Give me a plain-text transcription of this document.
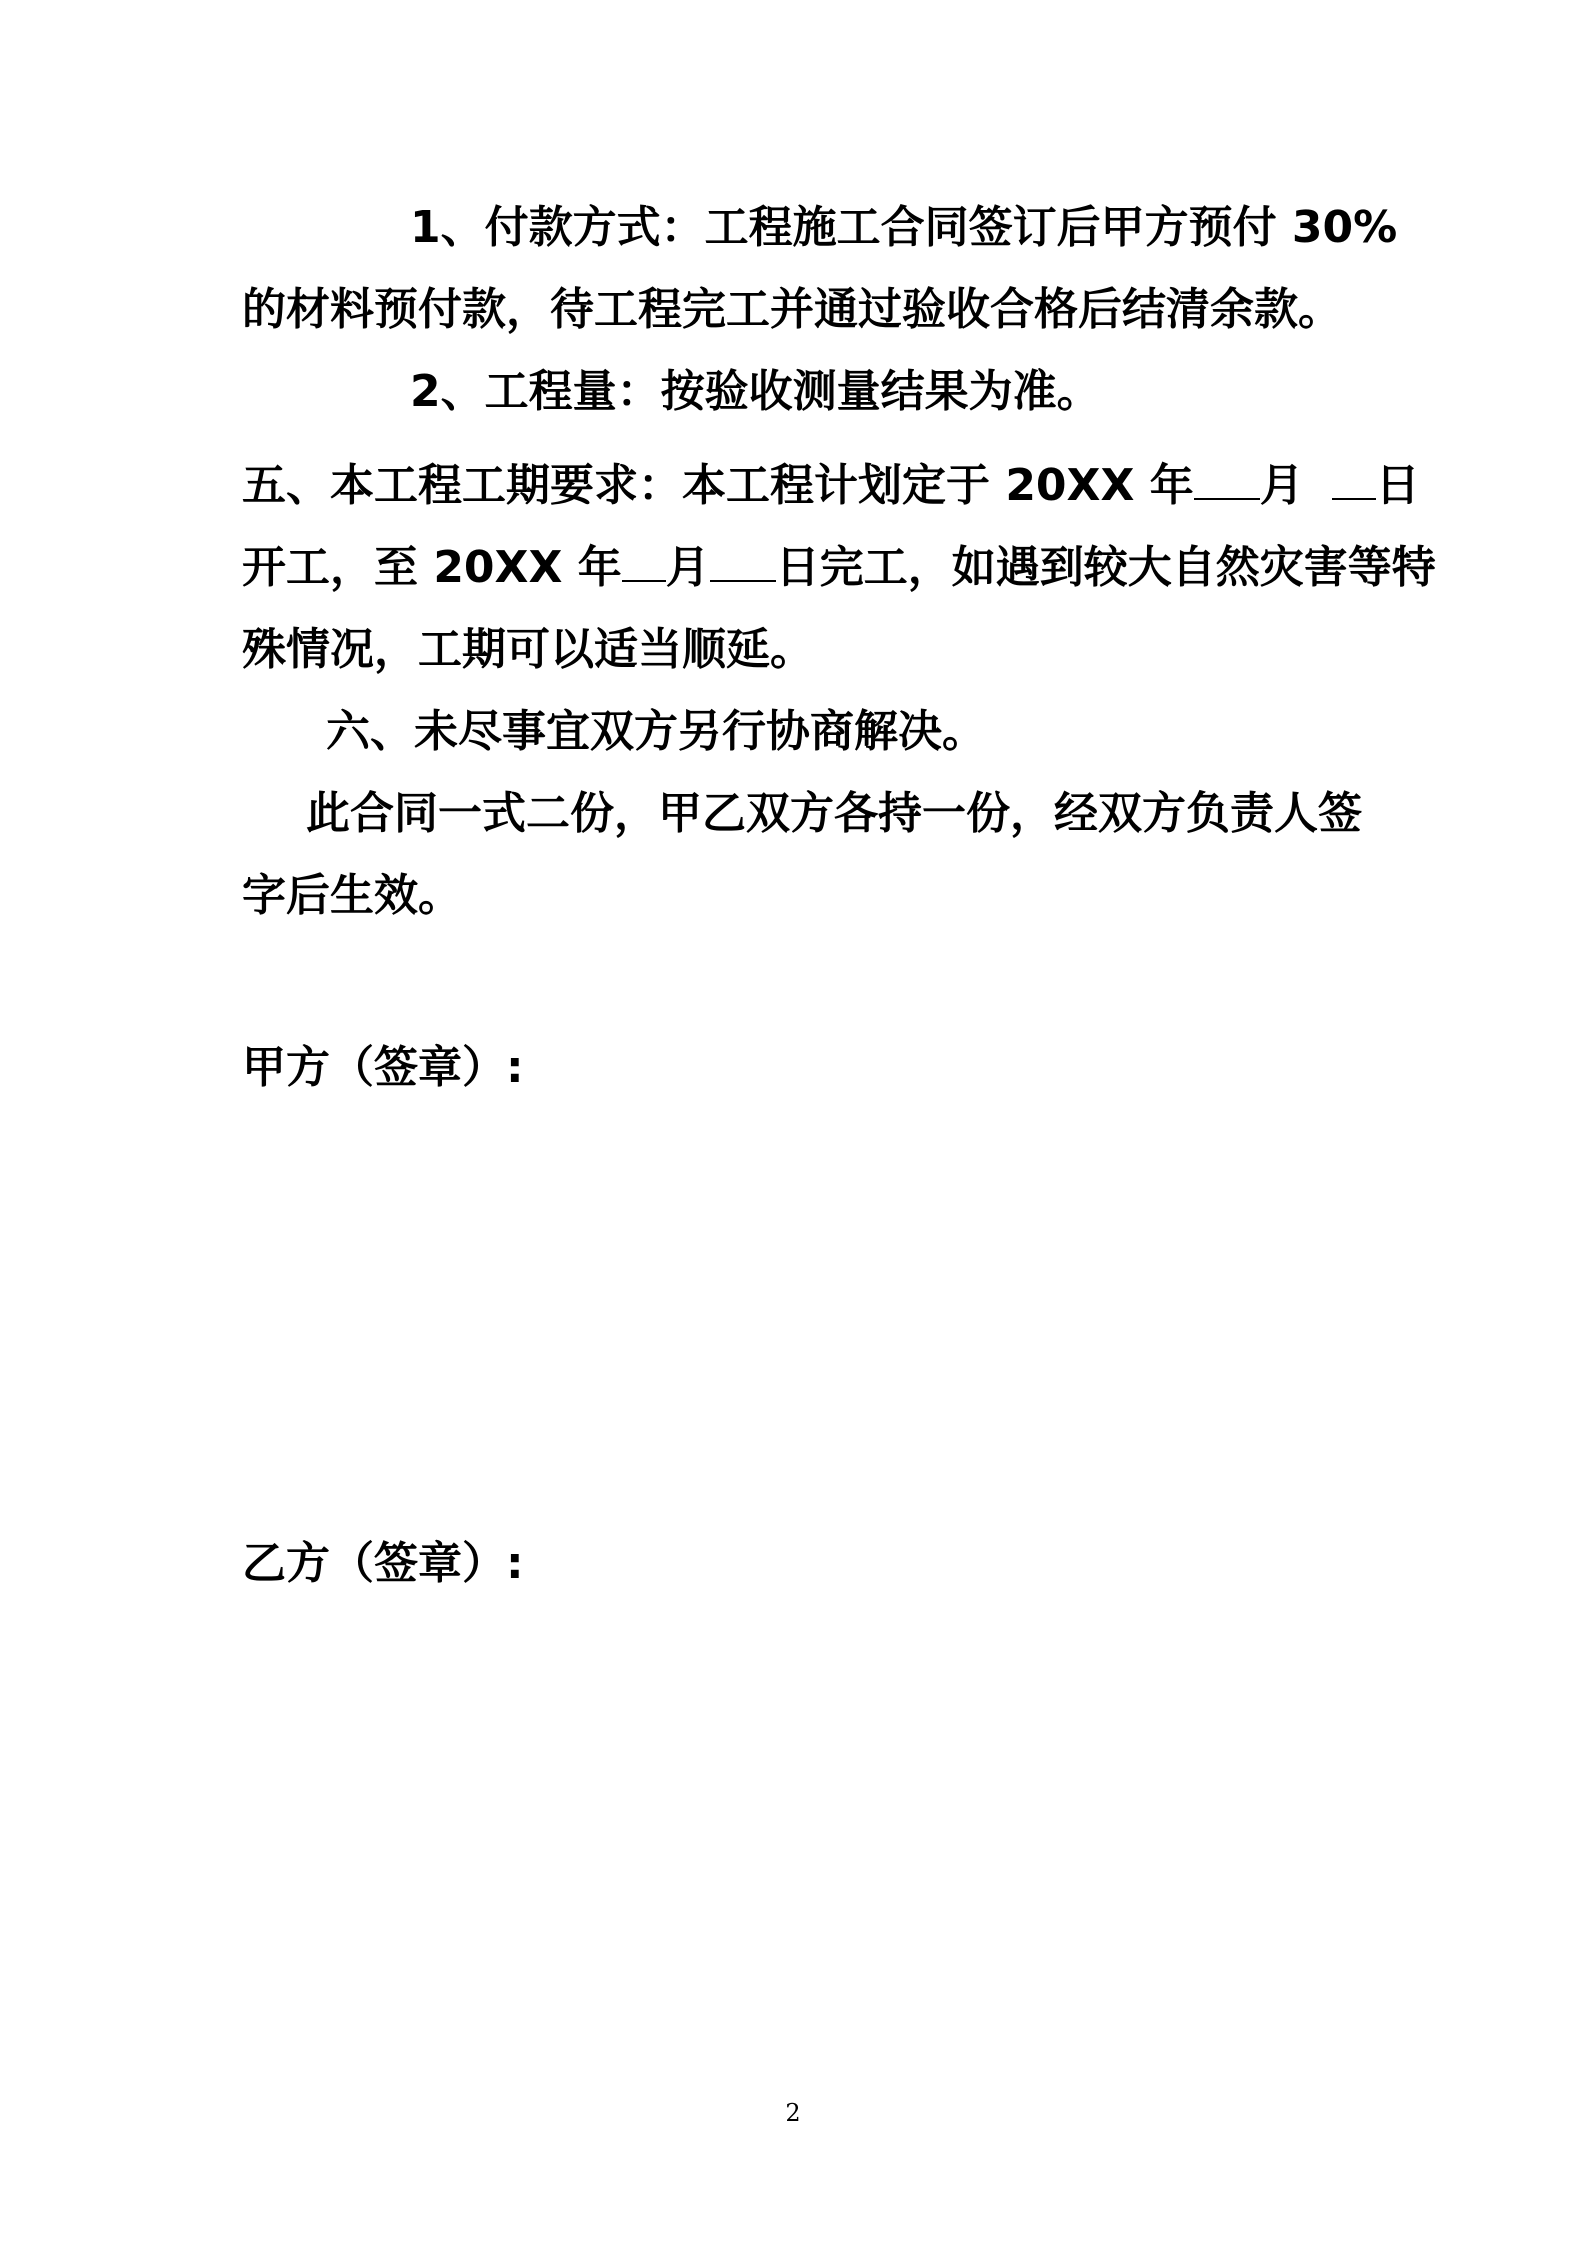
1、付款方式：工程施工合同签订后甲方预付 30%
的材料预付款，待工程完工并通过验收合格后结清余款。
2、工程量：按验收测量结果为准。
五、本工程工期要求：本工程计划定于 20XX 年 月 日
开工，至 20XX 年 月 日完工，如遇到较大自然灾害等特
殊情况，工期可以适当顺延。
六、未尽事宜双方另行协商解决。
此合同一式二份，甲乙双方各持一份，经双方负责人签
字后生效。
甲方（签章）:
乙方（签章）:
2
